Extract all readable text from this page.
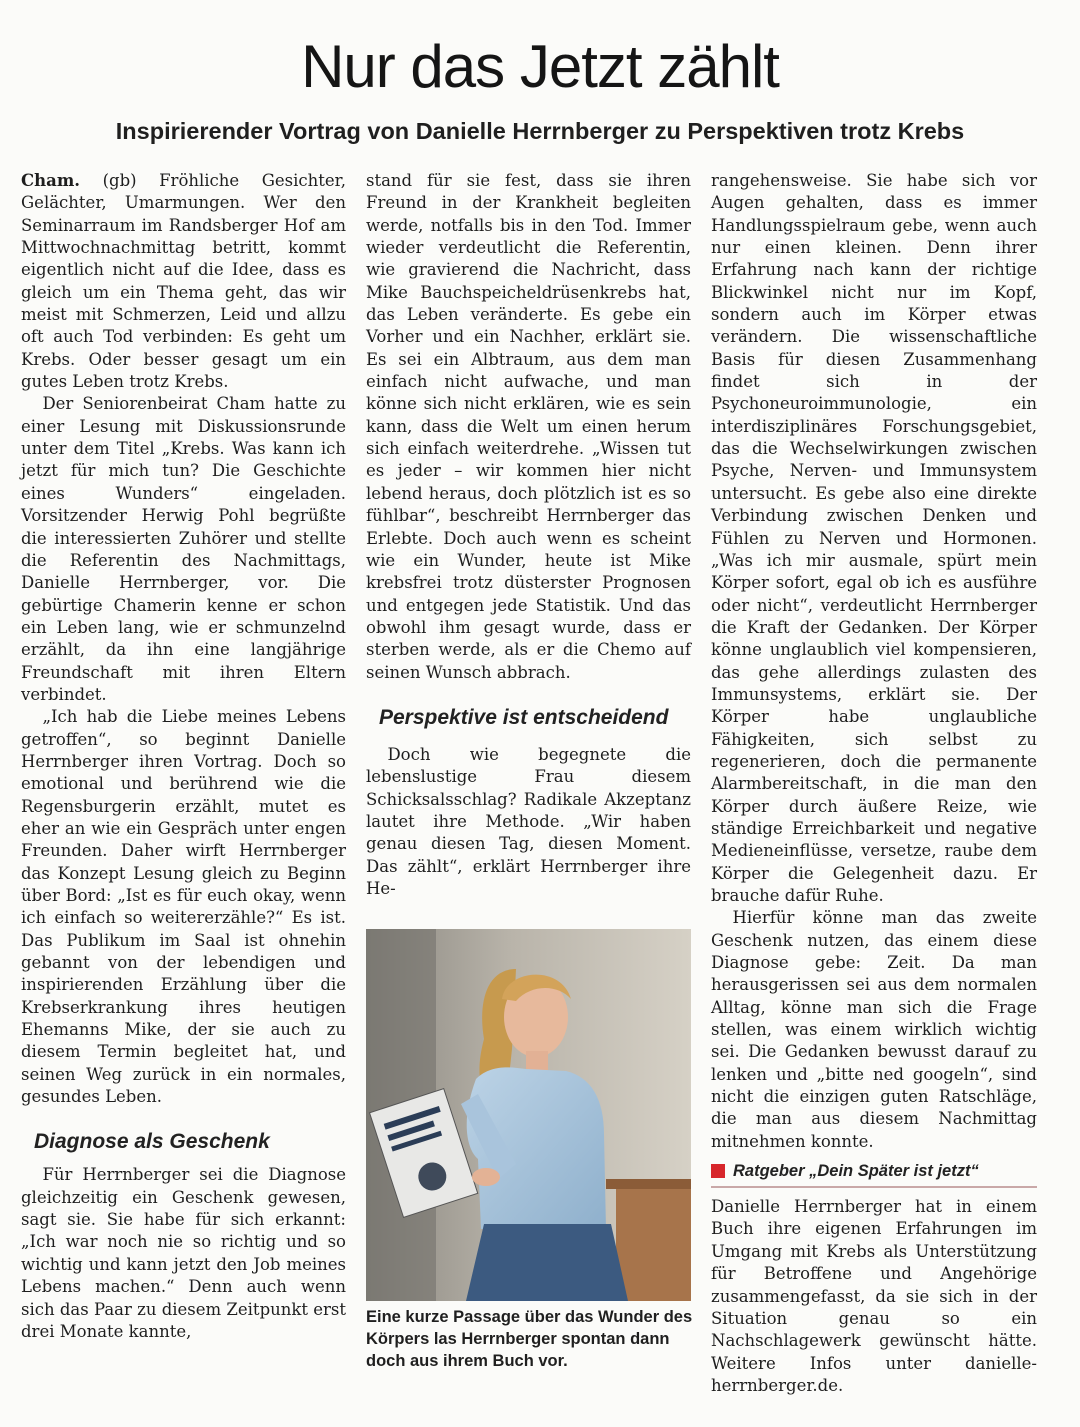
Nur das Jetzt zählt
Inspirierender Vortrag von Danielle Herrnberger zu Perspektiven trotz Krebs

Cham. (gb) Fröhliche Gesichter, Gelächter, Umarmungen. Wer den Seminarraum im Randsberger Hof am Mittwochnachmittag betritt, kommt eigentlich nicht auf die Idee, dass es gleich um ein Thema geht, das wir meist mit Schmerzen, Leid und allzu oft auch Tod verbinden: Es geht um Krebs. Oder besser gesagt um ein gutes Leben trotz Krebs.

Der Seniorenbeirat Cham hatte zu einer Lesung mit Diskussionsrunde unter dem Titel „Krebs. Was kann ich jetzt für mich tun? Die Geschichte eines Wunders“ eingeladen. Vorsitzender Herwig Pohl begrüßte die interessierten Zuhörer und stellte die Referentin des Nachmittags, Danielle Herrnberger, vor. Die gebürtige Chamerin kenne er schon ein Leben lang, wie er schmunzelnd erzählt, da ihn eine langjährige Freundschaft mit ihren Eltern verbindet.

„Ich hab die Liebe meines Lebens getroffen“, so beginnt Danielle Herrnberger ihren Vortrag. Doch so emotional und berührend wie die Regensburgerin erzählt, mutet es eher an wie ein Gespräch unter engen Freunden. Daher wirft Herrnberger das Konzept Lesung gleich zu Beginn über Bord: „Ist es für euch okay, wenn ich einfach so weitererzähle?“ Es ist. Das Publikum im Saal ist ohnehin gebannt von der lebendigen und inspirierenden Erzählung über die Krebserkrankung ihres heutigen Ehemanns Mike, der sie auch zu diesem Termin begleitet hat, und seinen Weg zurück in ein normales, gesundes Leben.

Diagnose als Geschenk

Für Herrnberger sei die Diagnose gleichzeitig ein Geschenk gewesen, sagt sie. Sie habe für sich erkannt: „Ich war noch nie so richtig und so wichtig und kann jetzt den Job meines Lebens machen.“ Denn auch wenn sich das Paar zu diesem Zeitpunkt erst drei Monate kannte,

stand für sie fest, dass sie ihren Freund in der Krankheit begleiten werde, notfalls bis in den Tod. Immer wieder verdeutlicht die Referentin, wie gravierend die Nachricht, dass Mike Bauchspeicheldrüsenkrebs hat, das Leben veränderte. Es gebe ein Vorher und ein Nachher, erklärt sie. Es sei ein Albtraum, aus dem man einfach nicht aufwache, und man könne sich nicht erklären, wie es sein kann, dass die Welt um einen herum sich einfach weiterdrehe. „Wissen tut es jeder – wir kommen hier nicht lebend heraus, doch plötzlich ist es so fühlbar“, beschreibt Herrnberger das Erlebte. Doch auch wenn es scheint wie ein Wunder, heute ist Mike krebsfrei trotz düsterster Prognosen und entgegen jede Statistik. Und das obwohl ihm gesagt wurde, dass er sterben werde, als er die Chemo auf seinen Wunsch abbrach.

Perspektive ist entscheidend

Doch wie begegnete die lebenslustige Frau diesem Schicksalsschlag? Radikale Akzeptanz lautet ihre Methode. „Wir haben genau diesen Tag, diesen Moment. Das zählt“, erklärt Herrnberger ihre He-

Eine kurze Passage über das Wunder des Körpers las Herrnberger spontan dann doch aus ihrem Buch vor.

rangehensweise. Sie habe sich vor Augen gehalten, dass es immer Handlungsspielraum gebe, wenn auch nur einen kleinen. Denn ihrer Erfahrung nach kann der richtige Blickwinkel nicht nur im Kopf, sondern auch im Körper etwas verändern. Die wissenschaftliche Basis für diesen Zusammenhang findet sich in der Psychoneuroimmunologie, ein interdisziplinäres Forschungsgebiet, das die Wechselwirkungen zwischen Psyche, Nerven- und Immunsystem untersucht. Es gebe also eine direkte Verbindung zwischen Denken und Fühlen zu Nerven und Hormonen. „Was ich mir ausmale, spürt mein Körper sofort, egal ob ich es ausführe oder nicht“, verdeutlicht Herrnberger die Kraft der Gedanken. Der Körper könne unglaublich viel kompensieren, das gehe allerdings zulasten des Immunsystems, erklärt sie. Der Körper habe unglaubliche Fähigkeiten, sich selbst zu regenerieren, doch die permanente Alarmbereitschaft, in die man den Körper durch äußere Reize, wie ständige Erreichbarkeit und negative Medieneinflüsse, versetze, raube dem Körper die Gelegenheit dazu. Er brauche dafür Ruhe.

Hierfür könne man das zweite Geschenk nutzen, das einem diese Diagnose gebe: Zeit. Da man herausgerissen sei aus dem normalen Alltag, könne man sich die Frage stellen, was einem wirklich wichtig sei. Die Gedanken bewusst darauf zu lenken und „bitte ned googeln“, sind nicht die einzigen guten Ratschläge, die man aus diesem Nachmittag mitnehmen konnte.

Ratgeber „Dein Später ist jetzt“

Danielle Herrnberger hat in einem Buch ihre eigenen Erfahrungen im Umgang mit Krebs als Unterstützung für Betroffene und Angehörige zusammengefasst, da sie sich in der Situation genau so ein Nachschlagewerk gewünscht hätte. Weitere Infos unter danielle-herrnberger.de.
